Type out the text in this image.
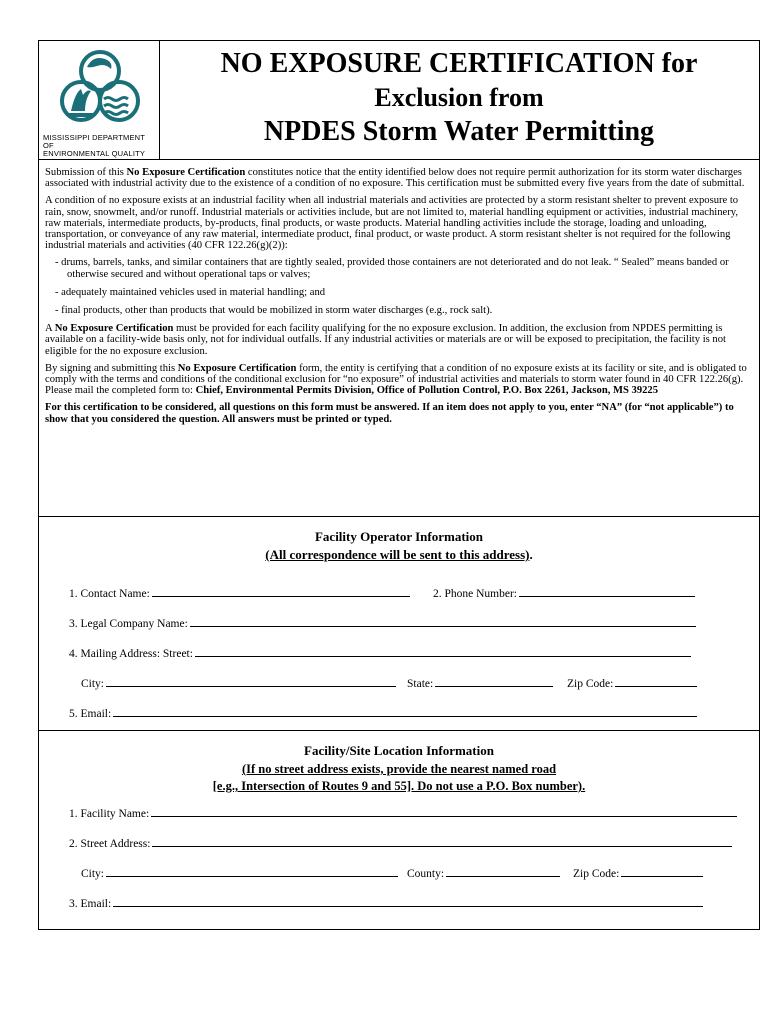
MISSISSIPPI DEPARTMENT OF
ENVIRONMENTAL QUALITY
NO EXPOSURE CERTIFICATION for
Exclusion from
NPDES Storm Water Permitting

Submission of this No Exposure Certification constitutes notice that the entity identified below does not require permit authorization for its storm water discharges associated with industrial activity due to the existence of a condition of no exposure. This certification must be submitted every five years from the date of submittal.

A condition of no exposure exists at an industrial facility when all industrial materials and activities are protected by a storm resistant shelter to prevent exposure to rain, snow, snowmelt, and/or runoff. Industrial materials or activities include, but are not limited to, material handling equipment or activities, industrial machinery, raw materials, intermediate products, by-products, final products, or waste products. Material handling activities include the storage, loading and unloading, transportation, or conveyance of any raw material, intermediate product, final product, or waste product. A storm resistant shelter is not required for the following industrial materials and activities (40 CFR 122.26(g)(2)):

- drums, barrels, tanks, and similar containers that are tightly sealed, provided those containers are not deteriorated and do not leak. “ Sealed” means banded or otherwise secured and without operational taps or valves;
- adequately maintained vehicles used in material handling; and
- final products, other than products that would be mobilized in storm water discharges (e.g., rock salt).

A No Exposure Certification must be provided for each facility qualifying for the no exposure exclusion. In addition, the exclusion from NPDES permitting is available on a facility-wide basis only, not for individual outfalls. If any industrial activities or materials are or will be exposed to precipitation, the facility is not eligible for the no exposure exclusion.

By signing and submitting this No Exposure Certification form, the entity is certifying that a condition of no exposure exists at its facility or site, and is obligated to comply with the terms and conditions of the conditional exclusion for “no exposure” of industrial activities and materials to storm water found in 40 CFR 122.26(g). Please mail the completed form to: Chief, Environmental Permits Division, Office of Pollution Control, P.O. Box 2261, Jackson, MS 39225

For this certification to be considered, all questions on this form must be answered. If an item does not apply to you, enter “NA” (for “not applicable”) to show that you considered the question. All answers must be printed or typed.

Facility Operator Information
(All correspondence will be sent to this address).
1. Contact Name:	2. Phone Number:
3. Legal Company Name:
4. Mailing Address: Street:
City:	State:	Zip Code:
5. Email:
Facility/Site Location Information
(If no street address exists, provide the nearest named road
[e.g., Intersection of Routes 9 and 55]. Do not use a P.O. Box number).
1. Facility Name:
2. Street Address:
City:	County:	Zip Code:
3. Email:
